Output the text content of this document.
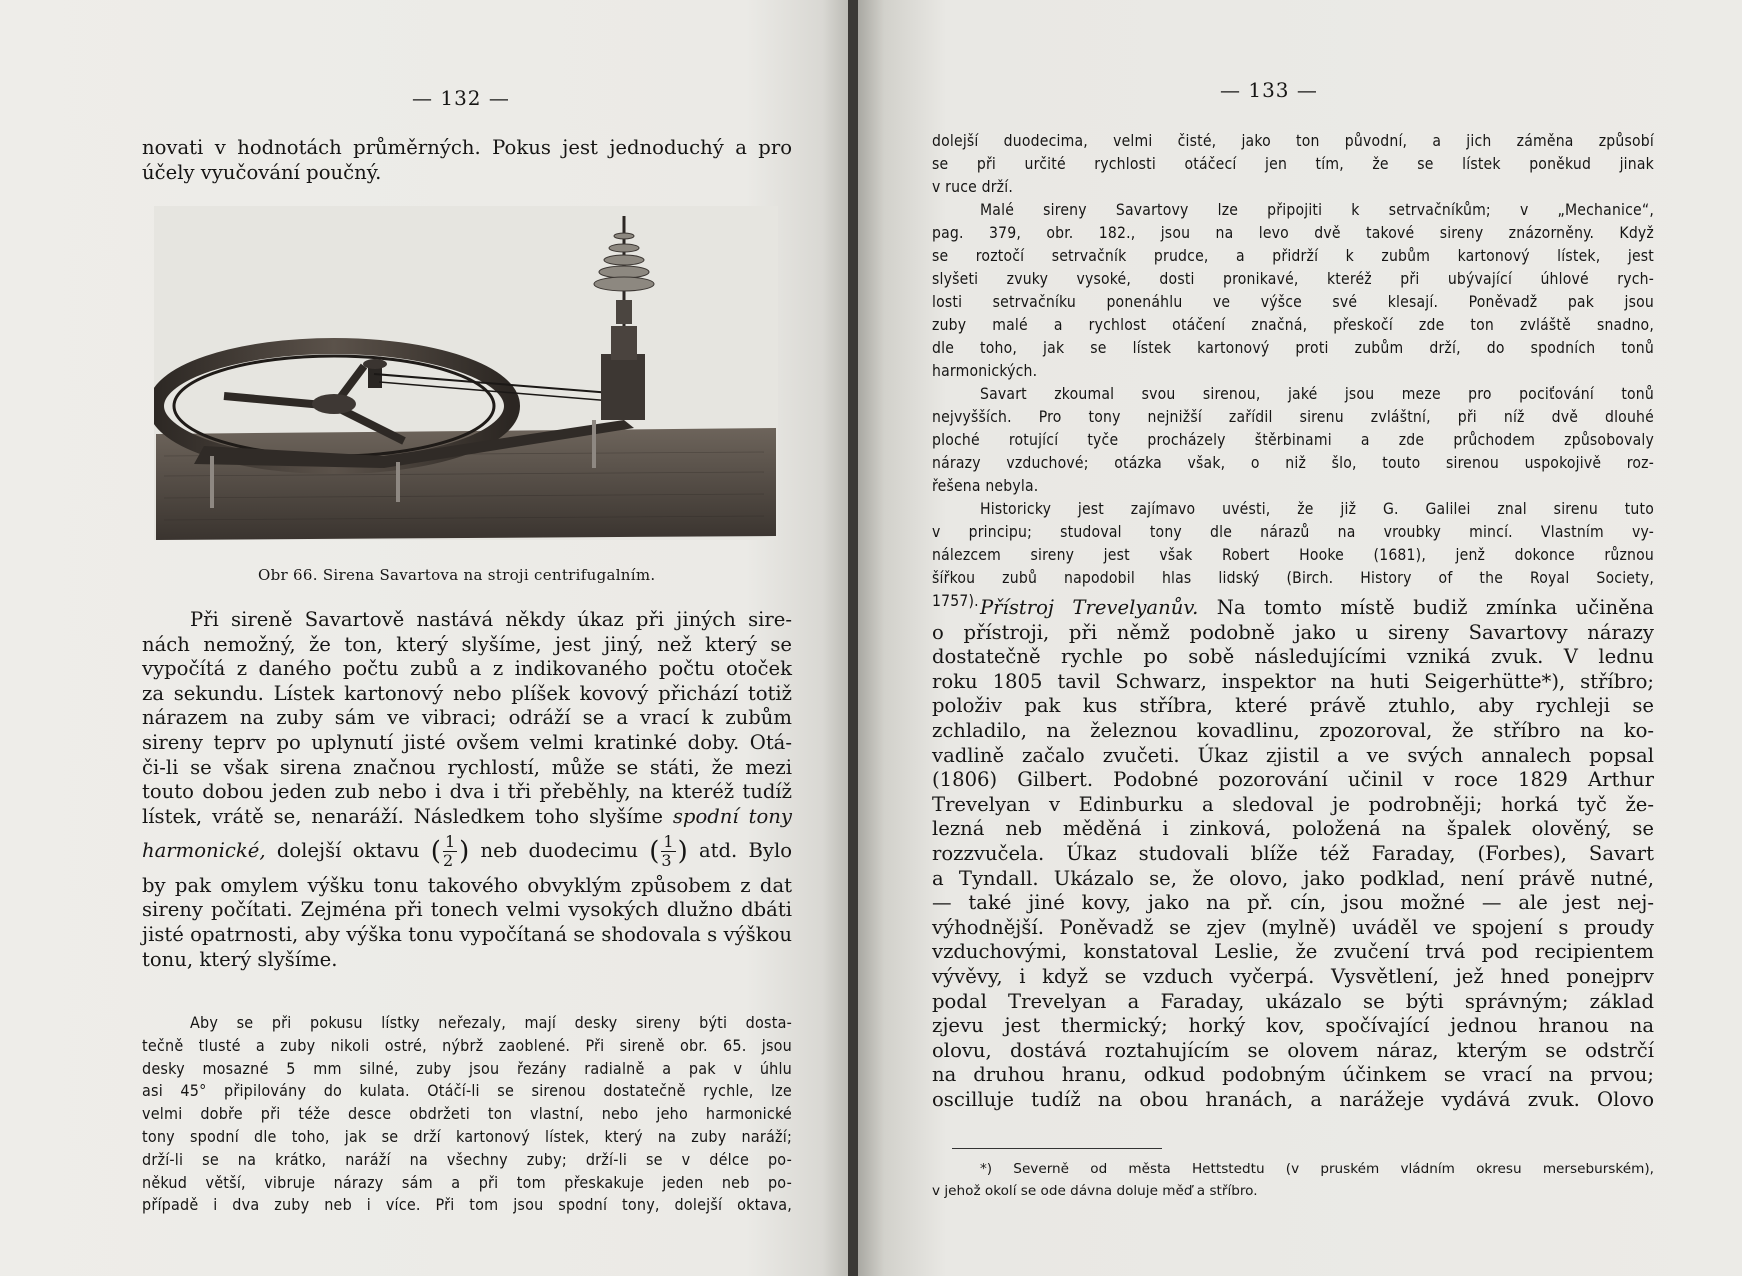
— 132 —
novati v hodnotách průměrných. Pokus jest jednoduchý a pro
účely vyučování poučný.
Obr 66. Sirena Savartova na stroji centrifugalním.
Při sireně Savartově nastává někdy úkaz při jiných sire-
nách nemožný, že ton, který slyšíme, jest jiný, než který se
vypočítá z daného počtu zubů a z indikovaného počtu otoček
za sekundu. Lístek kartonový nebo plíšek kovový přichází totiž
nárazem na zuby sám ve vibraci; odráží se a vrací k zubům
sireny teprv po uplynutí jisté ovšem velmi kratinké doby. Otá-
či-li se však sirena značnou rychlostí, může se státi, že mezi
touto dobou jeden zub nebo i dva i tři přeběhly, na kteréž tudíž
lístek, vrátě se, nenaráží. Následkem toho slyšíme spodní tony
harmonické, dolejší oktavu ( $\frac{1}{2}$ ) neb duodecimu ( $\frac{1}{3}$ ) atd. Bylo
by pak omylem výšku tonu takového obvyklým způsobem z dat
sireny počítati. Zejména při tonech velmi vysokých dlužno dbáti
jisté opatrnosti, aby výška tonu vypočítaná se shodovala s výškou
tonu, který slyšíme.
Aby se při pokusu lístky neřezaly, mají desky sireny býti dosta-
tečně tlusté a zuby nikoli ostré, nýbrž zaoblené. Při sireně obr. 65. jsou
desky mosazné 5 mm silné, zuby jsou řezány radialně a pak v úhlu
asi 45° připilovány do kulata. Otáčí-li se sirenou dostatečně rychle, lze
velmi dobře při téže desce obdržeti ton vlastní, nebo jeho harmonické
tony spodní dle toho, jak se drží kartonový lístek, který na zuby naráží;
drží-li se na krátko, naráží na všechny zuby; drží-li se v délce po-
někud větší, vibruje nárazy sám a při tom přeskakuje jeden neb po-
případě i dva zuby neb i více. Při tom jsou spodní tony, dolejší oktava,
— 133 —
dolejší duodecima, velmi čisté, jako ton původní, a jich záměna způsobí
se při určité rychlosti otáčecí jen tím, že se lístek poněkud jinak
v ruce drží.
Malé sireny Savartovy lze připojiti k setrvačníkům; v „Mechanice“,
pag. 379, obr. 182., jsou na levo dvě takové sireny znázorněny. Když
se roztočí setrvačník prudce, a přidrží k zubům kartonový lístek, jest
slyšeti zvuky vysoké, dosti pronikavé, kteréž při ubývající úhlové rych-
losti setrvačníku ponenáhlu ve výšce své klesají. Poněvadž pak jsou
zuby malé a rychlost otáčení značná, přeskočí zde ton zvláště snadno,
dle toho, jak se lístek kartonový proti zubům drží, do spodních tonů
harmonických.
Savart zkoumal svou sirenou, jaké jsou meze pro pociťování tonů
nejvyšších. Pro tony nejnižší zařídil sirenu zvláštní, při níž dvě dlouhé
ploché rotující tyče procházely štěrbinami a zde průchodem způsobovaly
nárazy vzduchové; otázka však, o niž šlo, touto sirenou uspokojivě roz-
řešena nebyla.
Historicky jest zajímavo uvésti, že již G. Galilei znal sirenu tuto
v principu; studoval tony dle nárazů na vroubky mincí. Vlastním vy-
nálezcem sireny jest však Robert Hooke (1681), jenž dokonce různou
šířkou zubů napodobil hlas lidský (Birch. History of the Royal Society,
1757). Přístroj Trevelyanův. Na tomto místě budiž zmínka učiněna
o přístroji, při němž podobně jako u sireny Savartovy nárazy
dostatečně rychle po sobě následujícími vzniká zvuk. V lednu
roku 1805 tavil Schwarz, inspektor na huti Seigerhütte*), stříbro;
položiv pak kus stříbra, které právě ztuhlo, aby rychleji se
zchladilo, na železnou kovadlinu, zpozoroval, že stříbro na ko-
vadlině začalo zvučeti. Úkaz zjistil a ve svých annalech popsal
(1806) Gilbert. Podobné pozorování učinil v roce 1829 Arthur
Trevelyan v Edinburku a sledoval je podrobněji; horká tyč že-
lezná neb měděná i zinková, položená na špalek olověný, se
rozzvučela. Úkaz studovali blíže též Faraday, (Forbes), Savart
a Tyndall. Ukázalo se, že olovo, jako podklad, není právě nutné,
— také jiné kovy, jako na př. cín, jsou možné — ale jest nej-
výhodnější. Poněvadž se zjev (mylně) uváděl ve spojení s proudy
vzduchovými, konstatoval Leslie, že zvučení trvá pod recipientem
vývěvy, i když se vzduch vyčerpá. Vysvětlení, jež hned ponejprv
podal Trevelyan a Faraday, ukázalo se býti správným; základ
zjevu jest thermický; horký kov, spočívající jednou hranou na
olovu, dostává roztahujícím se olovem náraz, kterým se odstrčí
na druhou hranu, odkud podobným účinkem se vrací na prvou;
oscilluje tudíž na obou hranách, a narážeje vydává zvuk. Olovo
*) Severně od města Hettstedtu (v pruském vládním okresu merseburském),
v jehož okolí se ode dávna doluje měď a stříbro.
